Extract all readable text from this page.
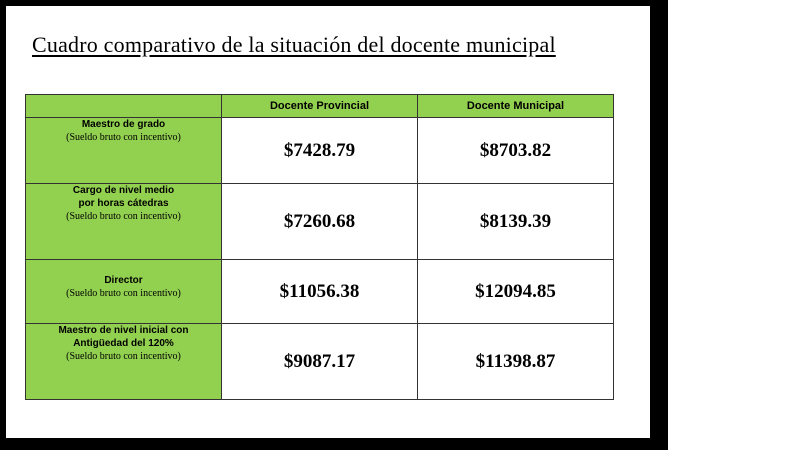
Cuadro comparativo de la situación del docente municipal
	Docente Provincial	Docente Municipal

Maestro de grado
(Sueldo bruto con incentivo)	$7428.79	$8703.82

Cargo de nivel medio
por horas cátedras
(Sueldo bruto con incentivo)	$7260.68	$8139.39

Director
(Sueldo bruto con incentivo)	$11056.38	$12094.85

Maestro de nivel inicial con
Antigüedad del 120%
(Sueldo bruto con incentivo)	$9087.17	$11398.87
